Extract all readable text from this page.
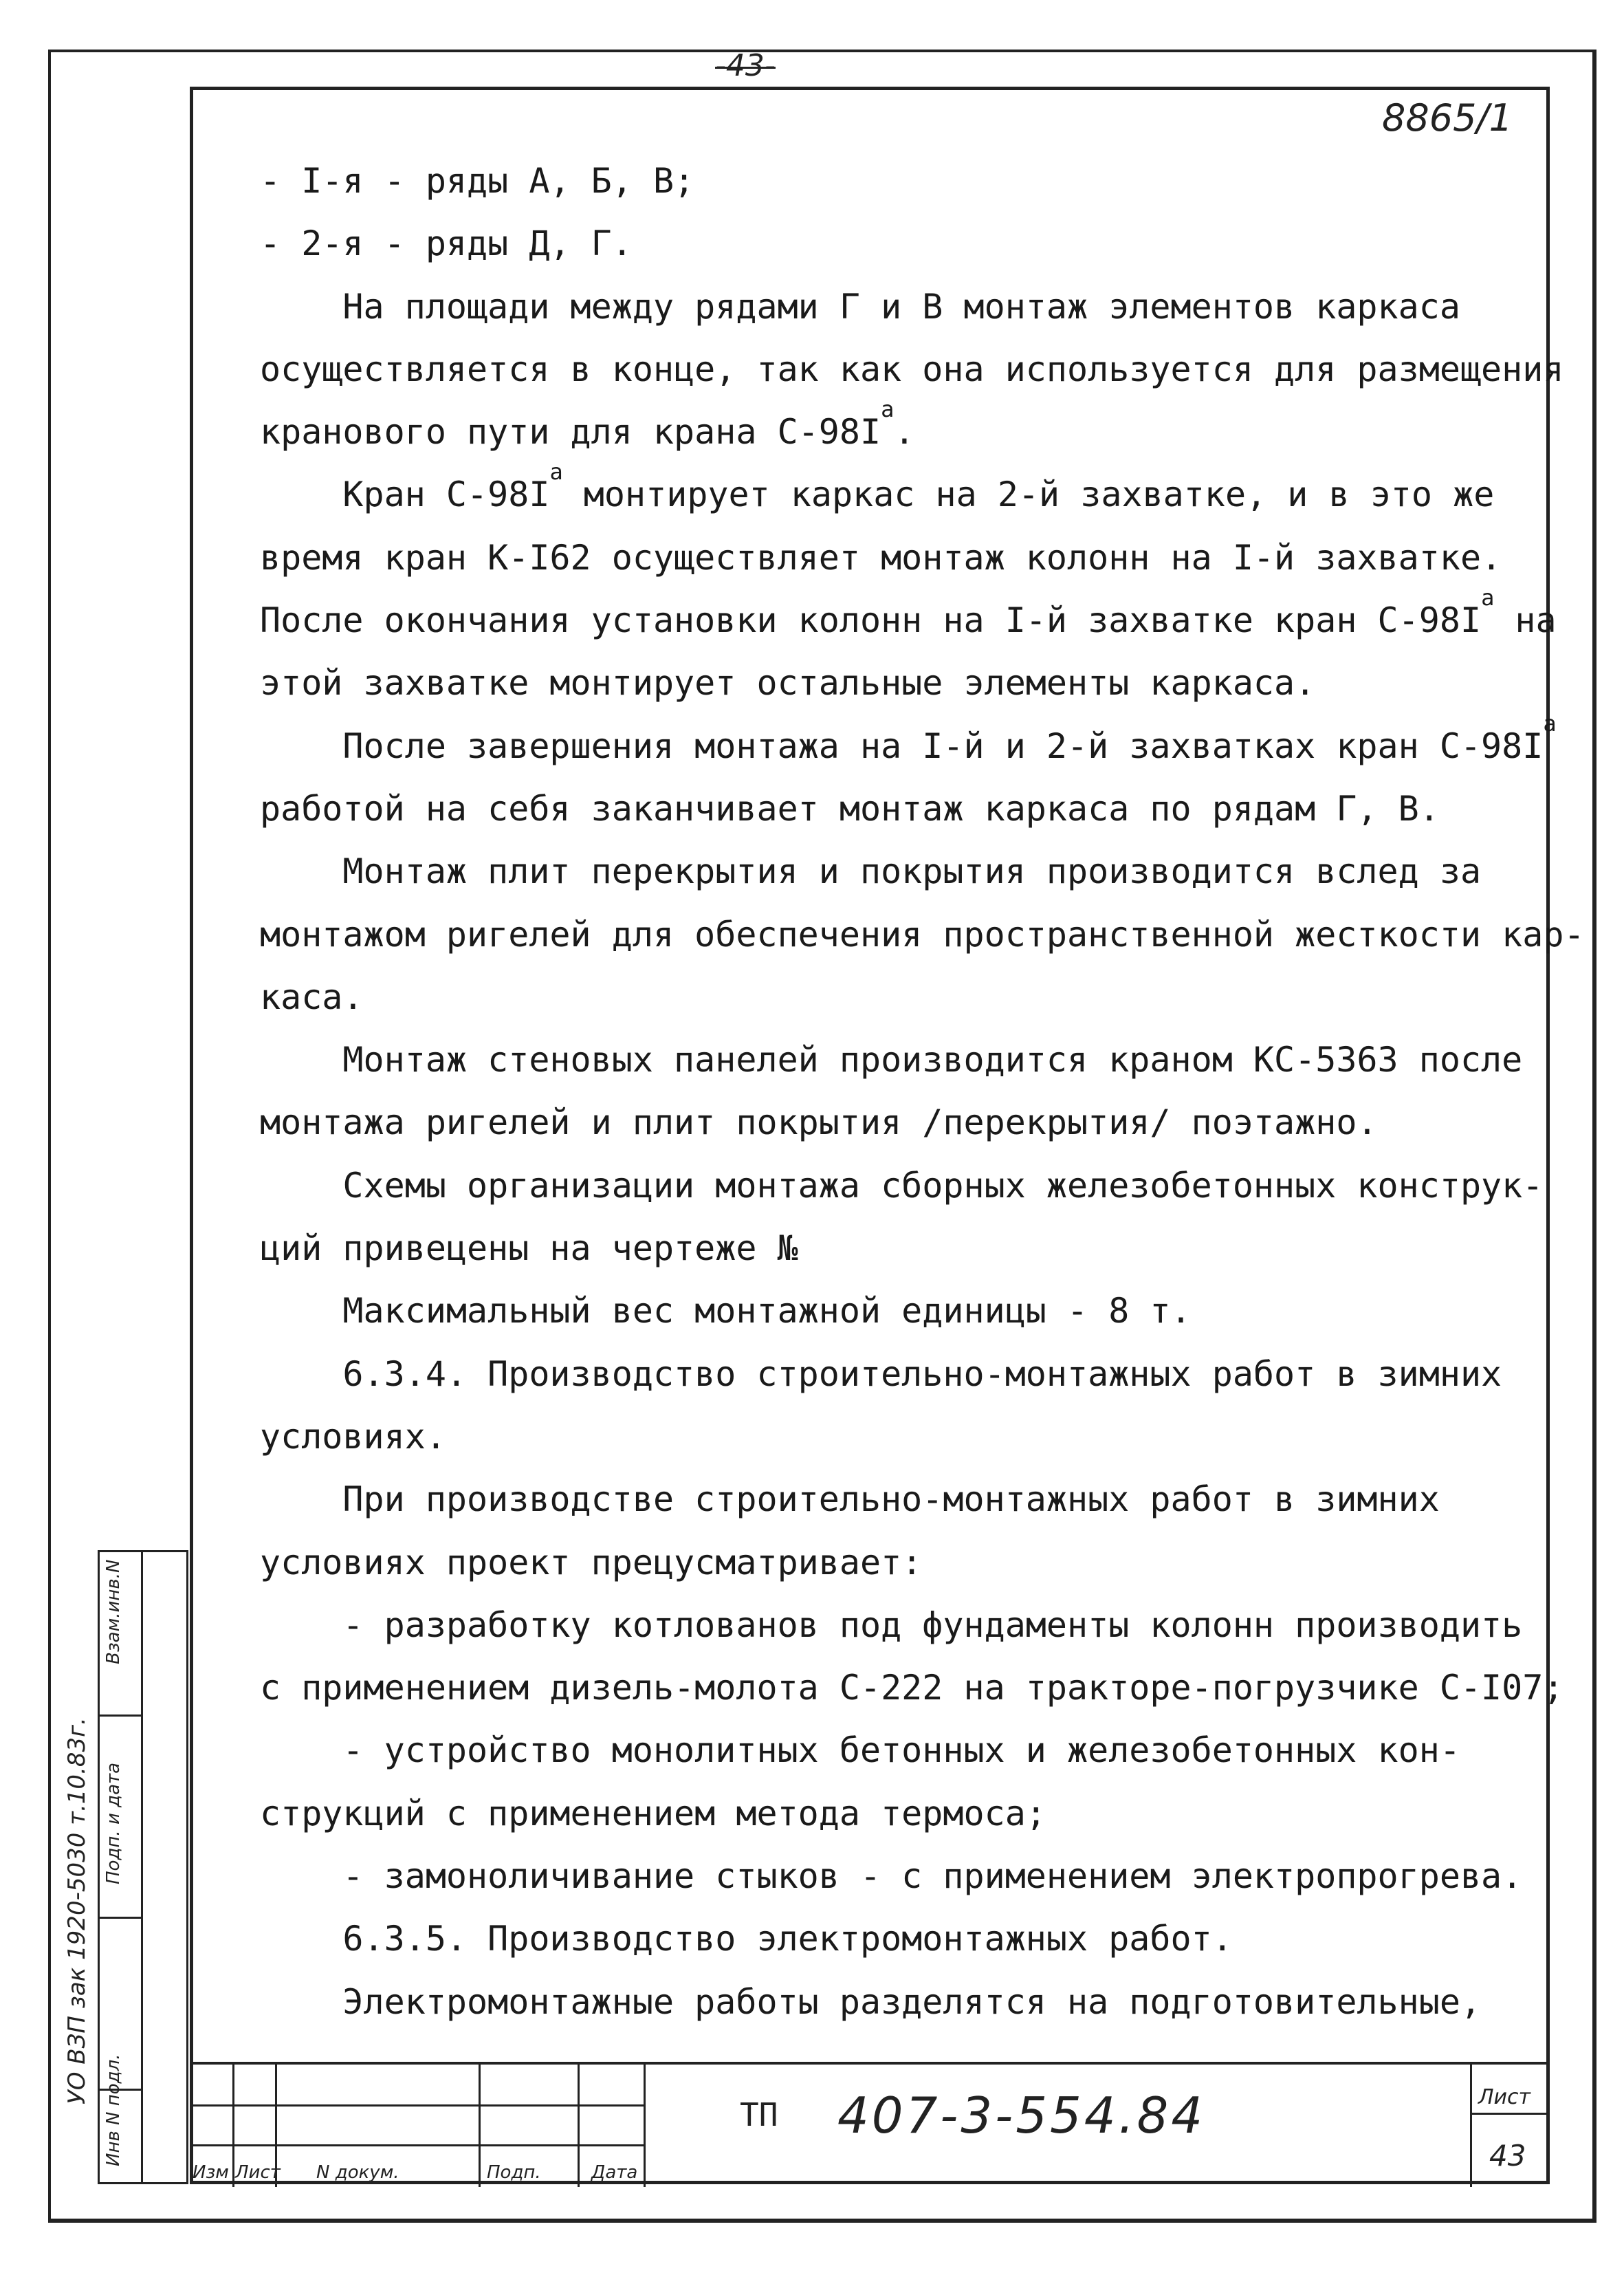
-43-
8865/1
- I-я - ряды А, Б, В;
- 2-я - ряды Д, Г.
На площади между рядами Г и В монтаж элементов каркаса
осуществляется в конце, так как она используется для размещения
кранового пути для крана $С-98I^а$.
Кран $С-98I^а$ монтирует каркас на 2-й захватке, и в это же
время кран К-I62 осуществляет монтаж колонн на I-й захватке.
После окончания установки колонн на I-й захватке кран $С-98I^а$ на
этой захватке монтирует остальные элементы каркаса.
После завершения монтажа на I-й и 2-й захватках кран $С-98I^а$
работой на себя заканчивает монтаж каркаса по рядам Г, В.
Монтаж плит перекрытия и покрытия производится вслед за
монтажом ригелей для обеспечения пространственной жесткости кар-
каса.
Монтаж стеновых панелей производится краном КС-5363 после
монтажа ригелей и плит покрытия /перекрытия/ поэтажно.
Схемы организации монтажа сборных железобетонных конструк-
ций привецены на чертеже №
Максимальный вес монтажной единицы - 8 т.
6.3.4. Производство строительно-монтажных работ в зимних
условиях.
При производстве строительно-монтажных работ в зимних
условиях проект прецусматривает:
- разработку котлованов под фундаменты колонн производить
с применением дизель-молота С-222 на тракторе-погрузчике С-I07;
- устройство монолитных бетонных и железобетонных кон-
струкций с применением метода термоса;
- замоноличивание стыков - с применением электропрогрева.
6.3.5. Производство электромонтажных работ.
Электромонтажные работы разделятся на подготовительные,
Взам.инв.N
Подп. и дата
Инв N подл.
УО ВЗП зак 1920-5030 т.10.83г.
Изм Лист N докум.	Подп.	Дата
ТП 407-3-554.84	Лист
43
